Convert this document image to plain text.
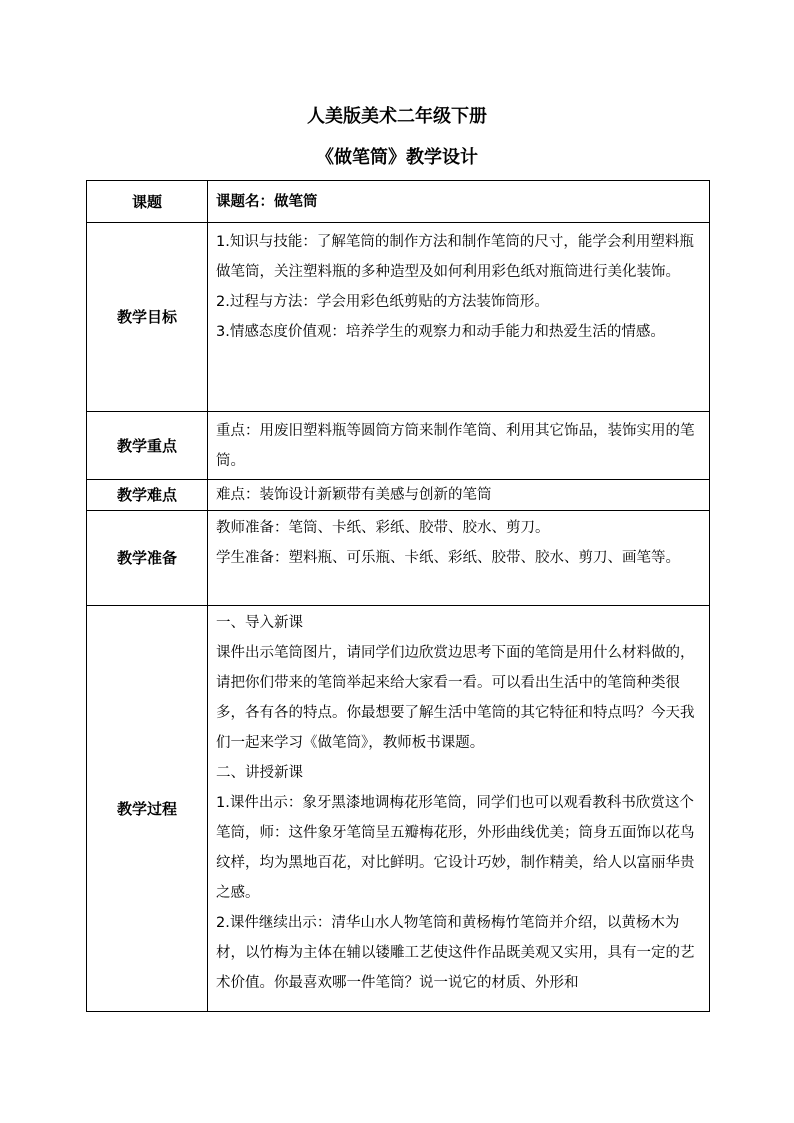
人美版美术二年级下册
《做笔筒》教学设计
课题	课题名：做笔筒
教学目标	1.知识与技能：了解笔筒的制作方法和制作笔筒的尺寸，能学会利用塑料瓶做笔筒，关注塑料瓶的多种造型及如何利用彩色纸对瓶筒进行美化装饰。
2.过程与方法：学会用彩色纸剪贴的方法装饰筒形。
3.情感态度价值观：培养学生的观察力和动手能力和热爱生活的情感。

教学重点	重点：用废旧塑料瓶等圆筒方筒来制作笔筒、利用其它饰品，装饰实用的笔筒。
教学难点	难点：装饰设计新颖带有美感与创新的笔筒
教学准备	教师准备：笔筒、卡纸、彩纸、胶带、胶水、剪刀。
学生准备：塑料瓶、可乐瓶、卡纸、彩纸、胶带、胶水、剪刀、画笔等。

教学过程	一、导入新课
课件出示笔筒图片，请同学们边欣赏边思考下面的笔筒是用什么材料做的，请把你们带来的笔筒举起来给大家看一看。可以看出生活中的笔筒种类很多，各有各的特点。你最想要了解生活中笔筒的其它特征和特点吗？今天我们一起来学习《做笔筒》，教师板书课题。
二、讲授新课
1.课件出示：象牙黑漆地调梅花形笔筒，同学们也可以观看教科书欣赏这个笔筒，师：这件象牙笔筒呈五瓣梅花形，外形曲线优美；筒身五面饰以花鸟纹样，均为黑地百花，对比鲜明。它设计巧妙，制作精美，给人以富丽华贵之感。
2.课件继续出示：清华山水人物笔筒和黄杨梅竹笔筒并介绍，以黄杨木为材，以竹梅为主体在辅以镂雕工艺使这件作品既美观又实用，具有一定的艺术价值。你最喜欢哪一件笔筒？说一说它的材质、外形和
